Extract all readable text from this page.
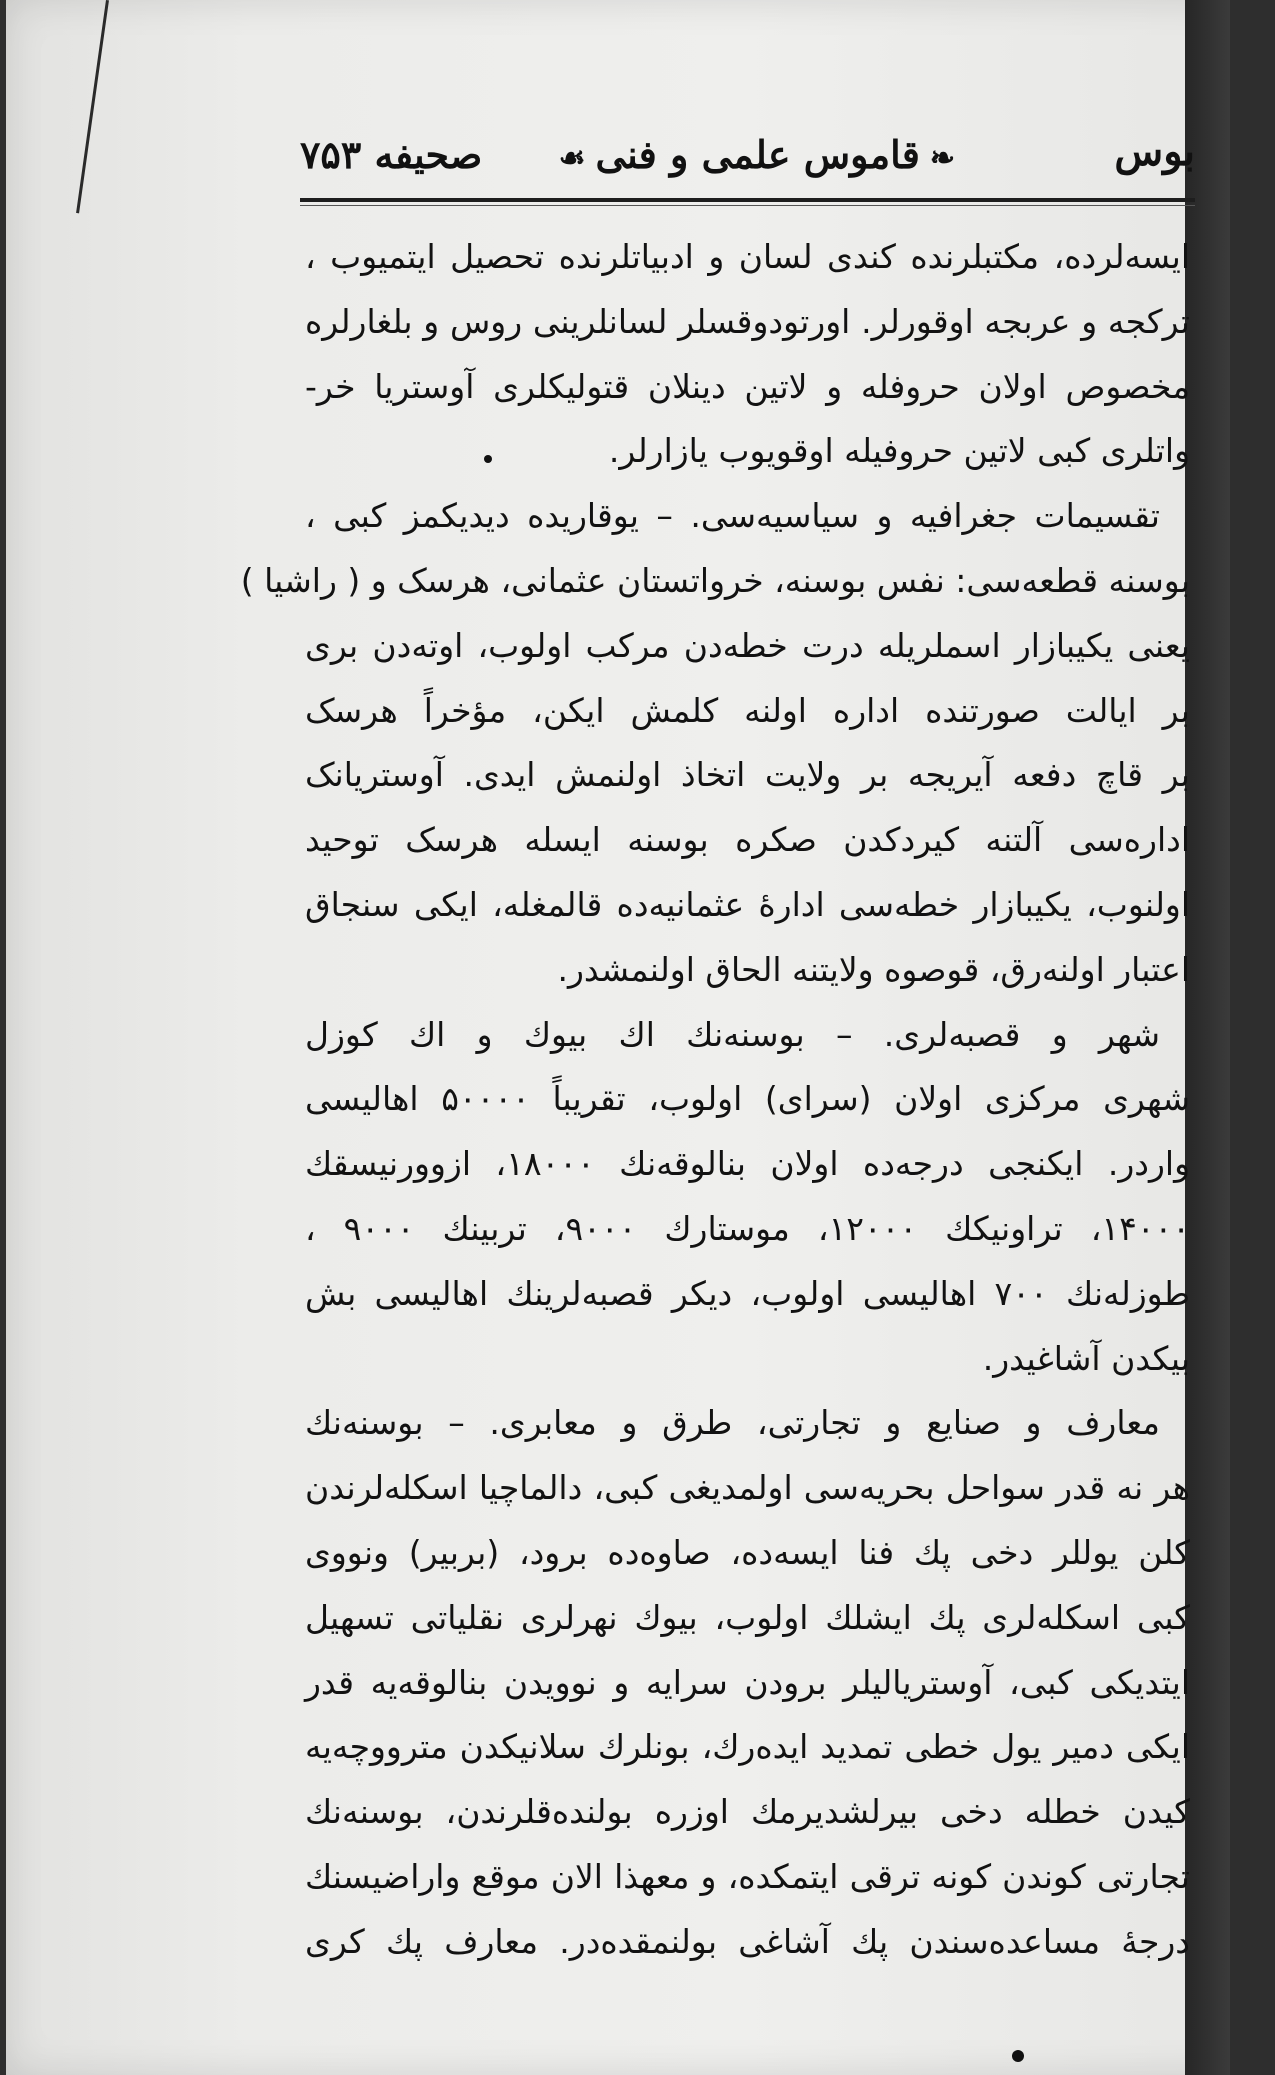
بوس
❧قاموس علمی و فنی☙
صحیفه ۷۵۳
ایسه‌لرده، مکتبلرنده کندی لسان و ادبیاتلرنده تحصیل ایتمیوب ،
ترکجه و عربجه اوقورلر. اورتودوقسلر لسانلرینی روس و بلغارلره
مخصوص اولان حروفله و لاتین دینلان قتولیکلری آوستریا خر-
واتلری کبی لاتین حروفیله اوقویوب یازارلر.
تقسیمات جغرافیه و سیاسیه‌سی. – یوقاریده دیدیکمز کبی ،
بوسنه قطعه‌سی: نفس بوسنه، خرواتستان عثمانی، هرسک و ( راشیا )
یعنی یکیبازار اسملریله درت خطه‌دن مرکب اولوب، اوته‌دن بری
بر ایالت صورتنده اداره اولنه کلمش ایکن، مؤخراً هرسک
بر قاچ دفعه آیریجه بر ولایت اتخاذ اولنمش ایدی. آوستریانک
اداره‌سی آلتنه کیردکدن صکره بوسنه ایسله هرسک توحید
اولنوب، یکیبازار خطه‌سی ادارهٔ عثمانیه‌ده قالمغله، ایکی سنجاق
اعتبار اولنه‌رق، قوصوه ولایتنه الحاق اولنمشدر.
شهر و قصبه‌لری. – بوسنه‌نك اك بیوك و اك کوزل
شهری مرکزی اولان (سرای) اولوب، تقریباً ۵۰۰۰۰ اهالیسی
واردر. ایکنجی درجه‌ده اولان بنالوقه‌نك ۱۸۰۰۰، ازوورنیسقك
۱۴۰۰۰، تراونیکك ۱۲۰۰۰، موستارك ۹۰۰۰، تربینك ۹۰۰۰ ،
طوزله‌نك ۷۰۰ اهالیسی اولوب، دیکر قصبه‌لرینك اهالیسی بش
بیکدن آشاغیدر.
معارف و صنایع و تجارتی، طرق و معابری. – بوسنه‌نك
هر نه قدر سواحل بحریه‌سی اولمدیغی کبی، دالماچیا اسکله‌لرندن
کلن یوللر دخی پك فنا ایسه‌ده، صاوه‌ده برود، (بربیر) ونووی
کبی اسکله‌لری پك ایشلك اولوب، بیوك نهرلری نقلیاتی تسهیل
ایتدیکی کبی، آوستریالیلر برودن سرایه و نوویدن بنالوقه‌یه قدر
ایکی دمیر یول خطی تمدید ایده‌رك، بونلرك سلانیکدن مترووچه‌یه
کیدن خطله دخی بیرلشدیرمك اوزره بولنده‌قلرندن، بوسنه‌نك
تجارتی کوندن کونه ترقی ایتمکده، و معهذا الان موقع واراضیسنك
درجهٔ مساعده‌سندن پك آشاغی بولنمقده‌در. معارف پك کری
